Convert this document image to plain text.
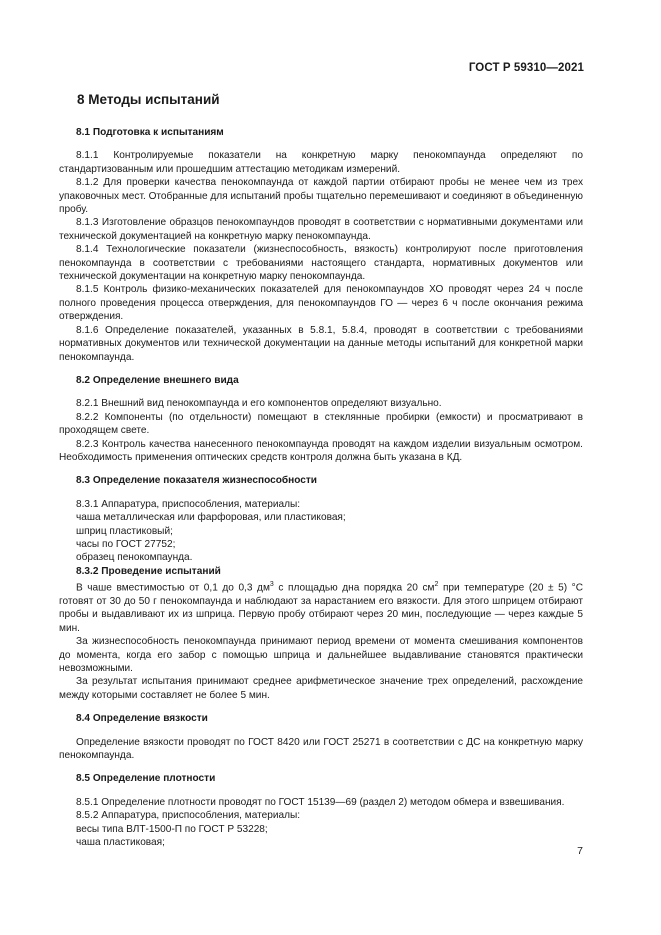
ГОСТ Р 59310—2021
8 Методы испытаний
8.1 Подготовка к испытаниям

8.1.1 Контролируемые показатели на конкретную марку пенокомпаунда определяют по стандартизованным или прошедшим аттестацию методикам измерений.

8.1.2 Для проверки качества пенокомпаунда от каждой партии отбирают пробы не менее чем из трех упаковочных мест. Отобранные для испытаний пробы тщательно перемешивают и соединяют в объединенную пробу.

8.1.3 Изготовление образцов пенокомпаундов проводят в соответствии с нормативными документами или технической документацией на конкретную марку пенокомпаунда.

8.1.4 Технологические показатели (жизнеспособность, вязкость) контролируют после приготовления пенокомпаунда в соответствии с требованиями настоящего стандарта, нормативных документов или технической документации на конкретную марку пенокомпаунда.

8.1.5 Контроль физико-механических показателей для пенокомпаундов ХО проводят через 24 ч после полного проведения процесса отверждения, для пенокомпаундов ГО — через 6 ч после окончания режима отверждения.

8.1.6 Определение показателей, указанных в 5.8.1, 5.8.4, проводят в соответствии с требованиями нормативных документов или технической документации на данные методы испытаний для конкретной марки пенокомпаунда.

8.2 Определение внешнего вида

8.2.1 Внешний вид пенокомпаунда и его компонентов определяют визуально.

8.2.2 Компоненты (по отдельности) помещают в стеклянные пробирки (емкости) и просматривают в проходящем свете.

8.2.3 Контроль качества нанесенного пенокомпаунда проводят на каждом изделии визуальным осмотром. Необходимость применения оптических средств контроля должна быть указана в КД.

8.3 Определение показателя жизнеспособности

8.3.1 Аппаратура, приспособления, материалы:

чаша металлическая или фарфоровая, или пластиковая;

шприц пластиковый;

часы по ГОСТ 27752;

образец пенокомпаунда.

8.3.2 Проведение испытаний

В чаше вместимостью от 0,1 до 0,3 $дм^3$ с площадью дна порядка 20 $см^2$ при температуре (20 ± 5) °С готовят от 30 до 50 г пенокомпаунда и наблюдают за нарастанием его вязкости. Для этого шприцем отбирают пробы и выдавливают их из шприца. Первую пробу отбирают через 20 мин, последующие — через каждые 5 мин.

За жизнеспособность пенокомпаунда принимают период времени от момента смешивания компонентов до момента, когда его забор с помощью шприца и дальнейшее выдавливание становятся практически невозможными.

За результат испытания принимают среднее арифметическое значение трех определений, расхождение между которыми составляет не более 5 мин.

8.4 Определение вязкости

Определение вязкости проводят по ГОСТ 8420 или ГОСТ 25271 в соответствии с ДС на конкретную марку пенокомпаунда.

8.5 Определение плотности

8.5.1 Определение плотности проводят по ГОСТ 15139—69 (раздел 2) методом обмера и взвешивания.

8.5.2 Аппаратура, приспособления, материалы:

весы типа ВЛТ-1500-П по ГОСТ Р 53228;

чаша пластиковая;

7
